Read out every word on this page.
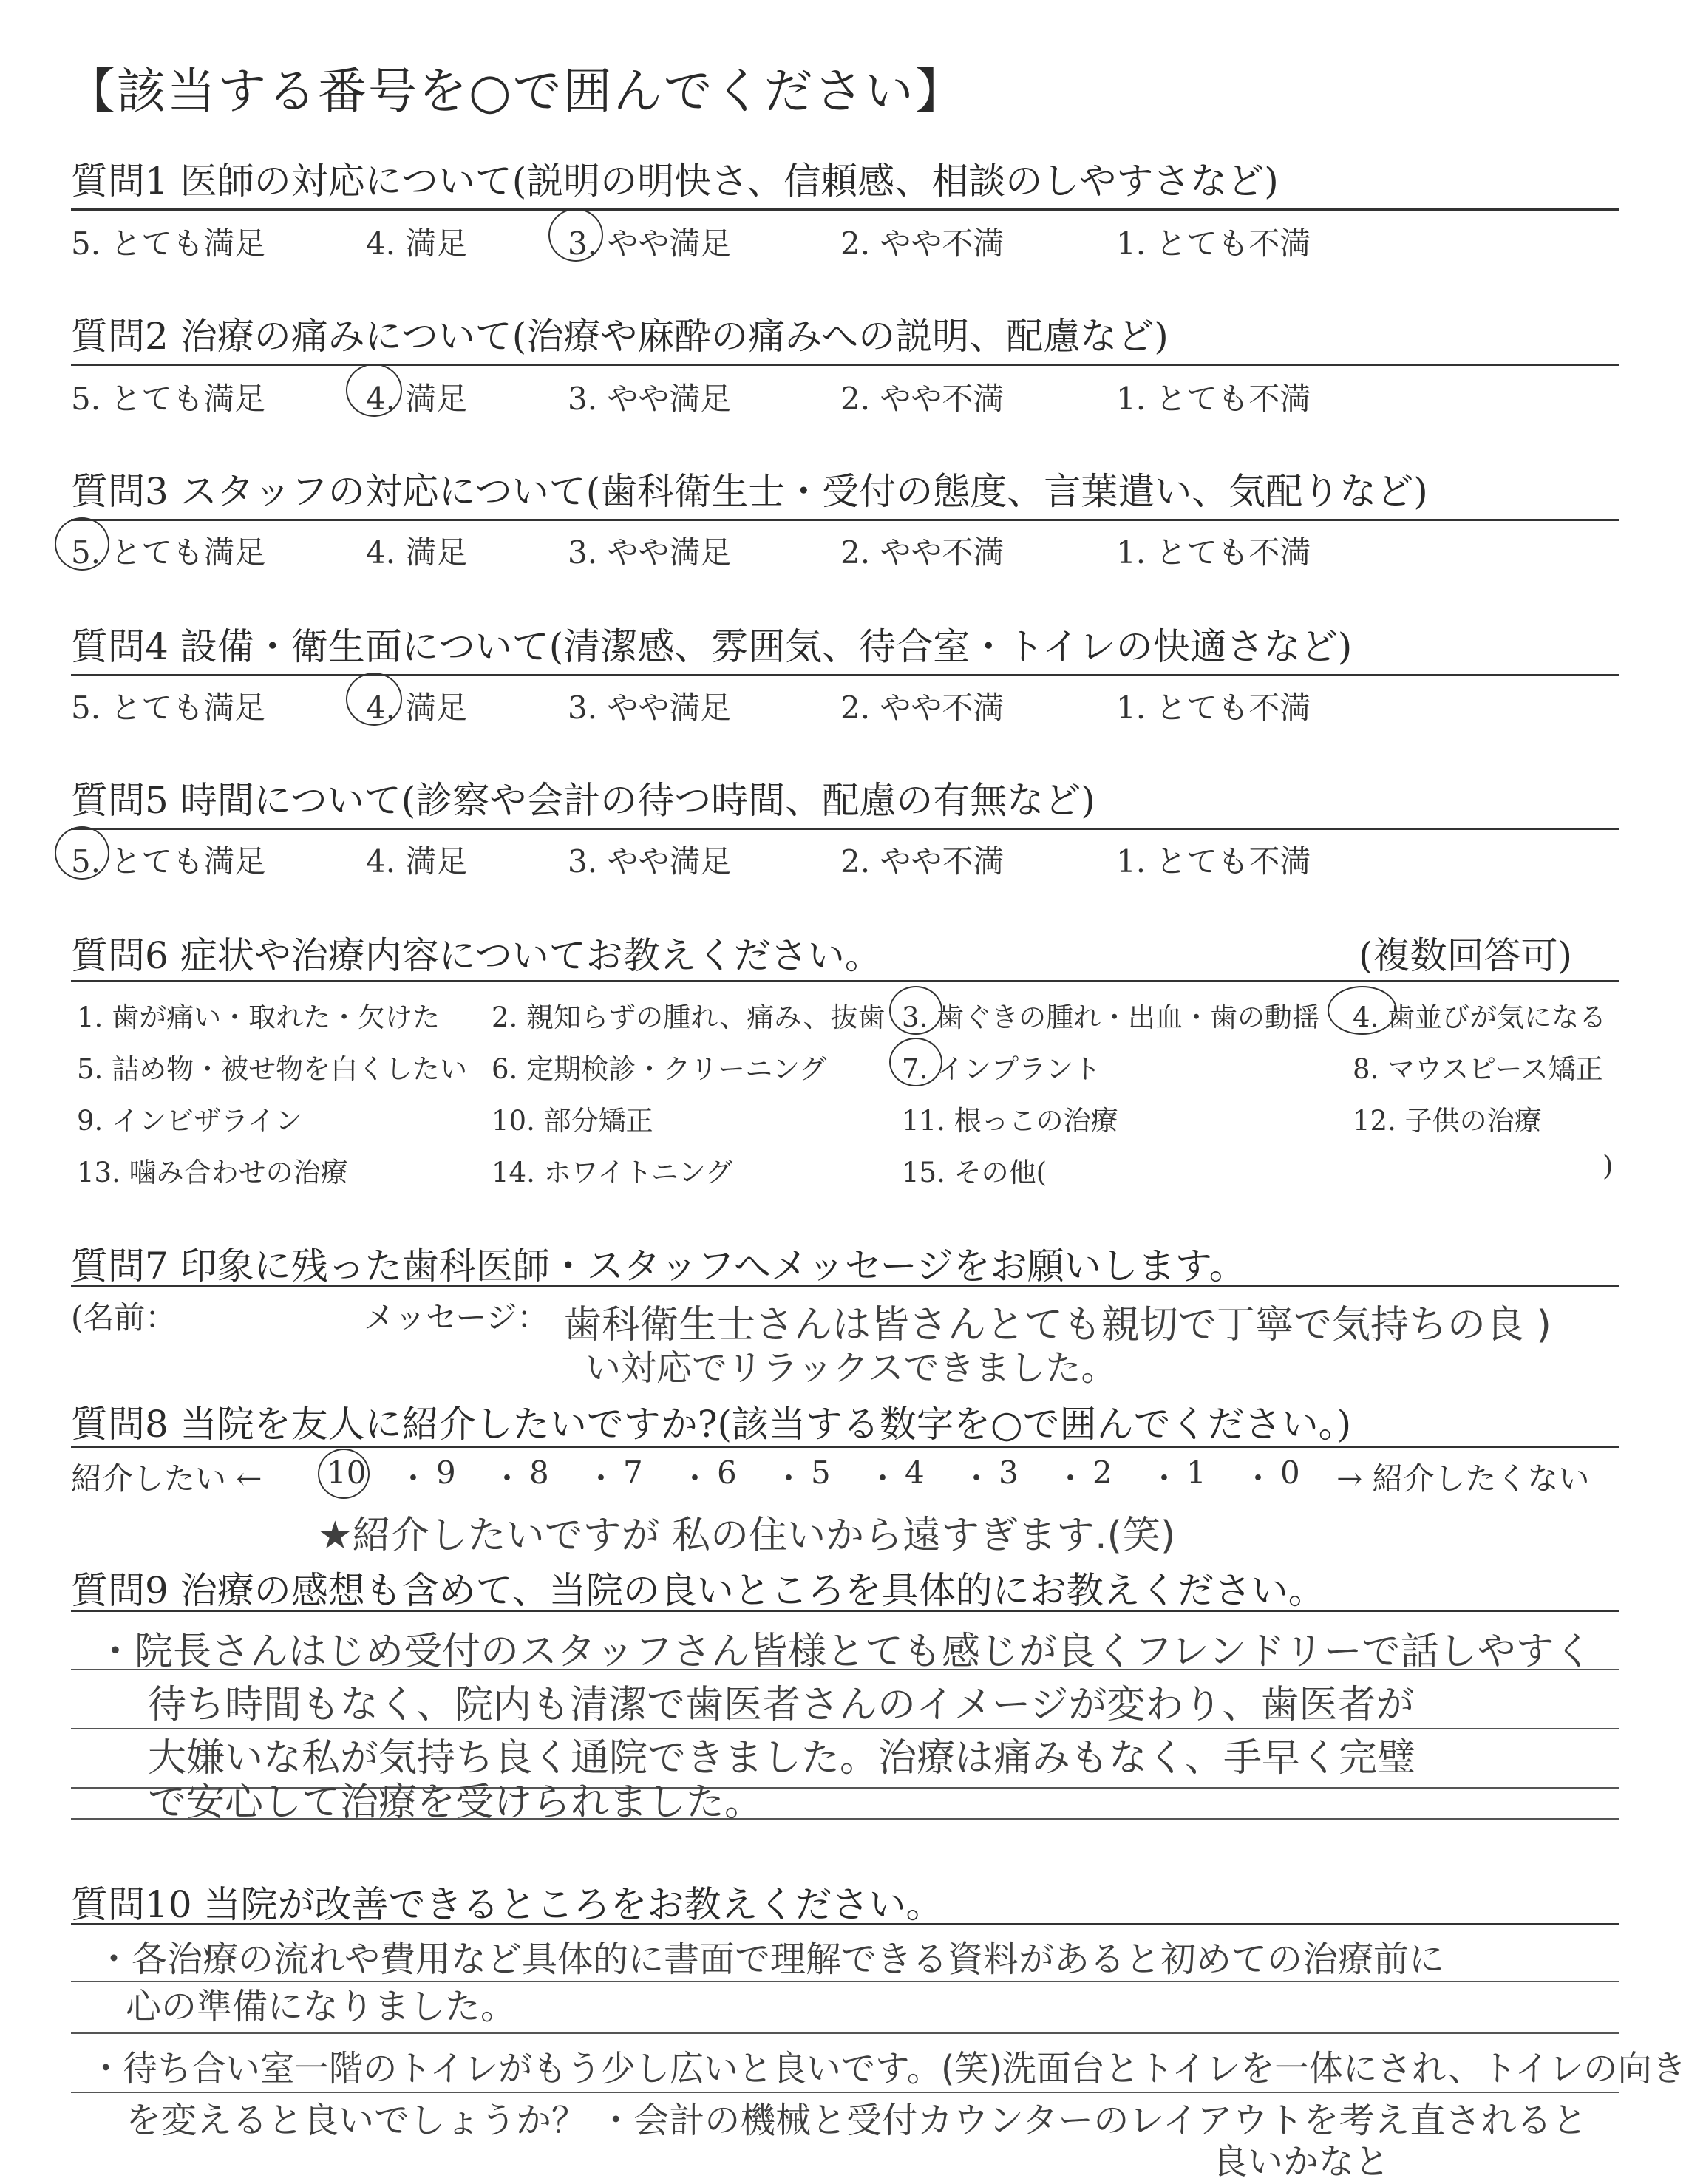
【該当する番号を○で囲んでください】
質問1 医師の対応について(説明の明快さ、信頼感、相談のしやすさなど)
5. とても満足	4. 満足	3. やや満足	2. やや不満	1. とても不満
質問2 治療の痛みについて(治療や麻酔の痛みへの説明、配慮など)
5. とても満足	4. 満足	3. やや満足	2. やや不満	1. とても不満
質問3 スタッフの対応について(歯科衛生士・受付の態度、言葉遣い、気配りなど)
5. とても満足	4. 満足	3. やや満足	2. やや不満	1. とても不満
質問4 設備・衛生面について(清潔感、雰囲気、待合室・トイレの快適さなど)
5. とても満足	4. 満足	3. やや満足	2. やや不満	1. とても不満
質問5 時間について(診察や会計の待つ時間、配慮の有無など)
5. とても満足	4. 満足	3. やや満足	2. やや不満	1. とても不満
質問6 症状や治療内容についてお教えください。	(複数回答可)
1. 歯が痛い・取れた・欠けた 2. 親知らずの腫れ、痛み、抜歯 3. 歯ぐきの腫れ・出血・歯の動揺 4. 歯並びが気になる
5. 詰め物・被せ物を白くしたい 6. 定期検診・クリーニング	7. インプラント	8. マウスピース矯正
9. インビザライン	10. 部分矯正	11. 根っこの治療	12. 子供の治療
13. 噛み合わせの治療	14. ホワイトニング	15. その他(	)
質問7 印象に残った歯科医師・スタッフへメッセージをお願いします。
(名前：	メッセージ： 歯科衛生士さんは皆さんとても親切で丁寧で気持ちの良 )
い対応でリラックスできました。
質問8 当院を友人に紹介したいですか?(該当する数字を○で囲んでください。)
紹介したい ← 10 ・ 9 ・ 8 ・ 7 ・ 6 ・ 5 ・ 4 ・ 3 ・ 2 ・ 1 ・ 0 → 紹介したくない
★紹介したいですが 私の住いから遠すぎます.(笑)
質問9 治療の感想も含めて、当院の良いところを具体的にお教えください。
・院長さんはじめ受付のスタッフさん皆様とても感じが良くフレンドリーで話しやすく
待ち時間もなく、院内も清潔で歯医者さんのイメージが変わり、歯医者が
大嫌いな私が気持ち良く通院できました。治療は痛みもなく、手早く完璧
で安心して治療を受けられました。
質問10 当院が改善できるところをお教えください。
・各治療の流れや費用など具体的に書面で理解できる資料があると初めての治療前に
心の準備になりました。
・待ち合い室一階のトイレがもう少し広いと良いです。(笑)洗面台とトイレを一体にされ、トイレの向き
を変えると良いでしょうか？ ・会計の機械と受付カウンターのレイアウトを考え直されると
良いかなと
